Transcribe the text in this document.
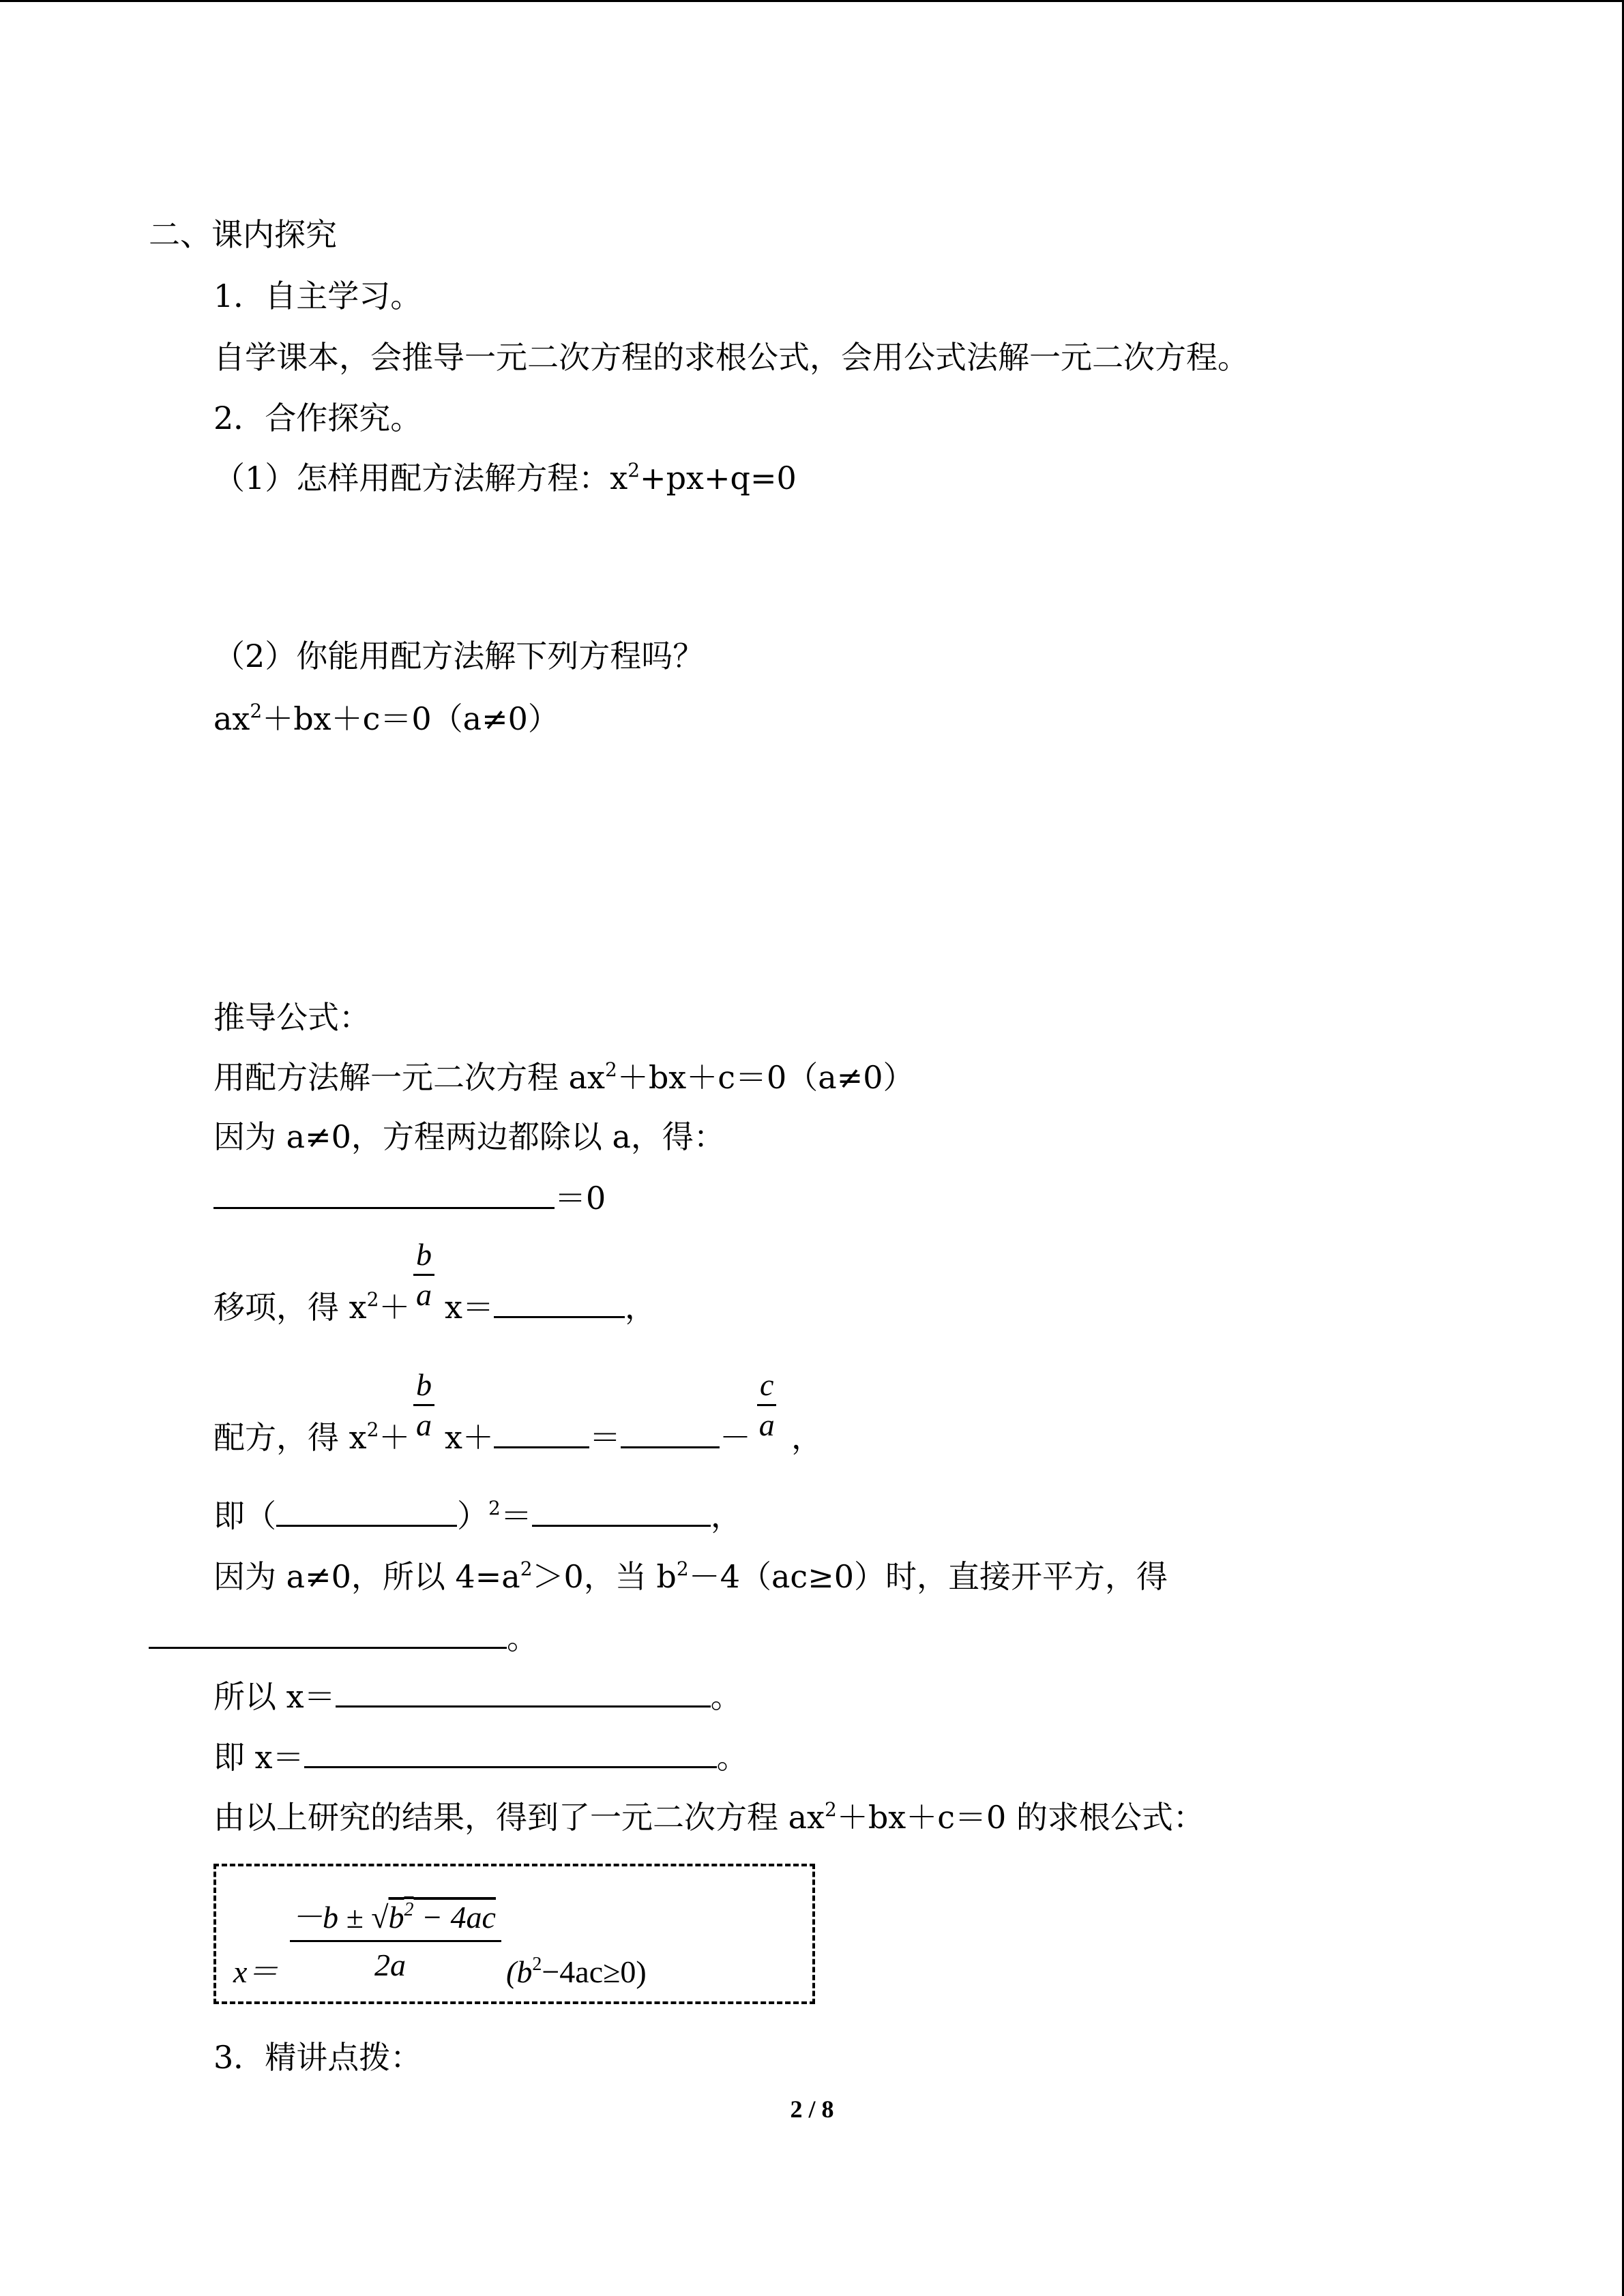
二、课内探究
1．自主学习。
自学课本，会推导一元二次方程的求根公式，会用公式法解一元二次方程。
2．合作探究。
（1）怎样用配方法解方程：$x^2+px+q=0$
（2）你能用配方法解下列方程吗？
$ax^2+bx+c=0(a\ne 0)$
推导公式：
用配方法解一元二次方程 $ax^2+bx+c=0(a\ne 0)$
因为 a≠0，方程两边都除以 a，得：
＝0
$\frac{b}{a}$
移项，得 $x^2+ x=$	，
$\frac{b}{a}$
配方，得 $x^2+ x+$	＝	－ $\frac{c}{a}$ ，
即（	）$^2$＝	，
因为 a≠0，所以 $4=a^2>0$，当 $b^2-4(ac\ge 0)$时，直接开平方，得
。
所以 x＝	。
即 x＝	。
由以上研究的结果，得到了一元二次方程 $ax^2+bx+c=0$ 的求根公式：
x＝
$-b \pm √b^2 - 4ac$
2a	$(b^2-4ac\ge 0)$
3．精讲点拨：
2 / 8
